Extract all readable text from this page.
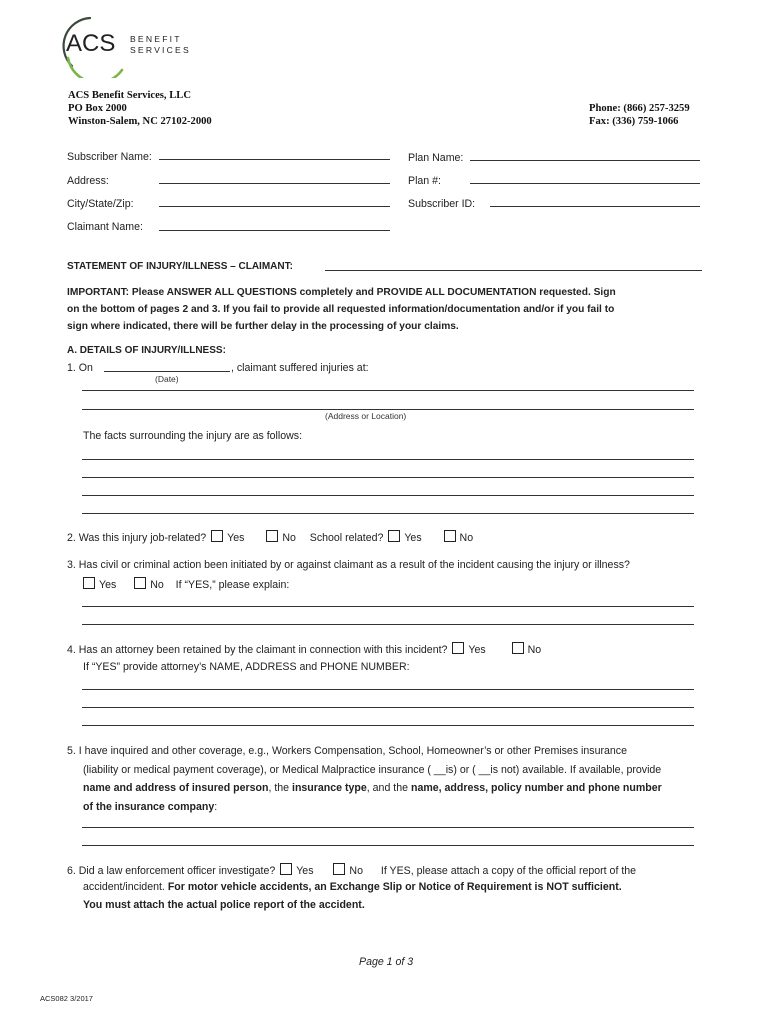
ACS BENEFIT
SERVICES
ACS Benefit Services, LLC
PO Box 2000
Winston-Salem, NC 27102-2000
Phone: (866) 257-3259
Fax: (336) 759-1066
Subscriber Name:
Address:
City/State/Zip:
Claimant Name:
Plan Name:
Plan #:
Subscriber ID:
STATEMENT OF INJURY/ILLNESS – CLAIMANT:
IMPORTANT: Please ANSWER ALL QUESTIONS completely and PROVIDE ALL DOCUMENTATION requested. Sign
on the bottom of pages 2 and 3. If you fail to provide all requested information/documentation and/or if you fail to
sign where indicated, there will be further delay in the processing of your claims.
A. DETAILS OF INJURY/ILLNESS:
1. On	, claimant suffered injuries at:
(Date)
(Address or Location)
The facts surrounding the injury are as follows:
2. Was this injury job-related? Yes	No School related? Yes	No
3. Has civil or criminal action been initiated by or against claimant as a result of the incident causing the injury or illness?
Yes	No If “YES,” please explain:
4. Has an attorney been retained by the claimant in connection with this incident? Yes	No
If “YES” provide attorney’s NAME, ADDRESS and PHONE NUMBER:
5. I have inquired and other coverage, e.g., Workers Compensation, School, Homeowner’s or other Premises insurance
(liability or medical payment coverage), or Medical Malpractice insurance ( __is) or ( __is not) available. If available, provide
name and address of insured person, the insurance type, and the name, address, policy number and phone number
of the insurance company:
6. Did a law enforcement officer investigate? Yes	No If YES, please attach a copy of the official report of the
accident/incident. For motor vehicle accidents, an Exchange Slip or Notice of Requirement is NOT sufficient.
You must attach the actual police report of the accident.
Page 1 of 3
ACS082 3/2017
